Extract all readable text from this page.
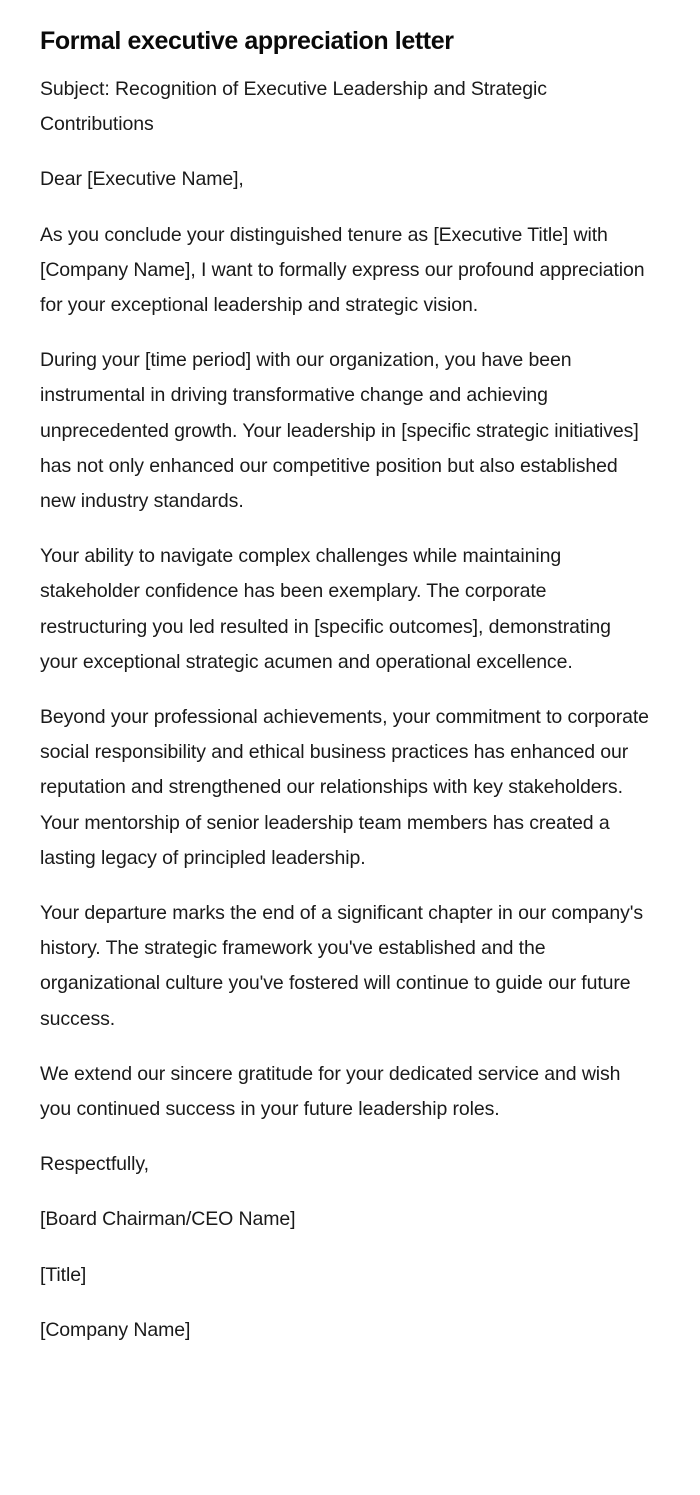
Formal executive appreciation letter

Subject: Recognition of Executive Leadership and Strategic Contributions

Dear [Executive Name],

As you conclude your distinguished tenure as [Executive Title] with [Company Name], I want to formally express our profound appreciation for your exceptional leadership and strategic vision.

During your [time period] with our organization, you have been instrumental in driving transformative change and achieving unprecedented growth. Your leadership in [specific strategic initiatives] has not only enhanced our competitive position but also established new industry standards.

Your ability to navigate complex challenges while maintaining stakeholder confidence has been exemplary. The corporate restructuring you led resulted in [specific outcomes], demonstrating your exceptional strategic acumen and operational excellence.

Beyond your professional achievements, your commitment to corporate social responsibility and ethical business practices has enhanced our reputation and strengthened our relationships with key stakeholders. Your mentorship of senior leadership team members has created a lasting legacy of principled leadership.

Your departure marks the end of a significant chapter in our company's history. The strategic framework you've established and the organizational culture you've fostered will continue to guide our future success.

We extend our sincere gratitude for your dedicated service and wish you continued success in your future leadership roles.

Respectfully,

[Board Chairman/CEO Name]

[Title]

[Company Name]
